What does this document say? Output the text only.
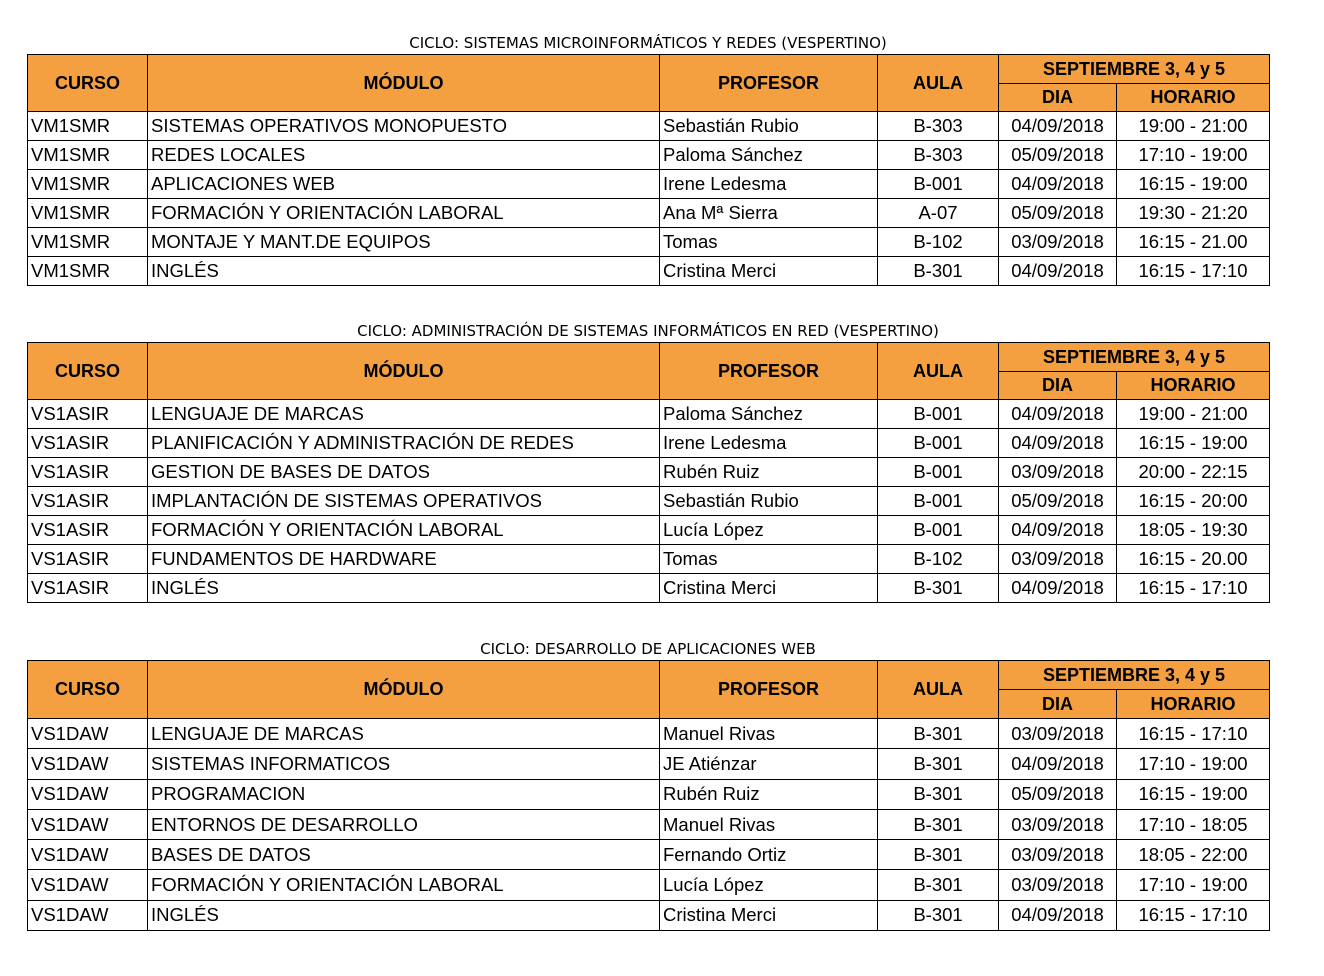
CICLO: SISTEMAS MICROINFORMÁTICOS Y REDES (VESPERTINO)
CURSO	MÓDULO	PROFESOR	AULA	SEPTIEMBRE 3, 4 y 5	
				DIA	HORARIO
VM1SMR	SISTEMAS OPERATIVOS MONOPUESTO	Sebastián Rubio	B-303	04/09/2018	19:00 - 21:00
VM1SMR	REDES LOCALES	Paloma Sánchez	B-303	05/09/2018	17:10 - 19:00
VM1SMR	APLICACIONES WEB	Irene Ledesma	B-001	04/09/2018	16:15 - 19:00
VM1SMR	FORMACIÓN Y ORIENTACIÓN LABORAL	Ana Mª Sierra	A-07	05/09/2018	19:30 - 21:20
VM1SMR	MONTAJE Y MANT.DE EQUIPOS	Tomas	B-102	03/09/2018	16:15 - 21.00
VM1SMR	INGLÉS	Cristina Merci	B-301	04/09/2018	16:15 - 17:10
CICLO: ADMINISTRACIÓN DE SISTEMAS INFORMÁTICOS EN RED (VESPERTINO)
CURSO	MÓDULO	PROFESOR	AULA	SEPTIEMBRE 3, 4 y 5	
				DIA	HORARIO
VS1ASIR	LENGUAJE DE MARCAS	Paloma Sánchez	B-001	04/09/2018	19:00 - 21:00
VS1ASIR	PLANIFICACIÓN Y ADMINISTRACIÓN DE REDES	Irene Ledesma	B-001	04/09/2018	16:15 - 19:00
VS1ASIR	GESTION DE BASES DE DATOS	Rubén Ruiz	B-001	03/09/2018	20:00 - 22:15
VS1ASIR	IMPLANTACIÓN DE SISTEMAS OPERATIVOS	Sebastián Rubio	B-001	05/09/2018	16:15 - 20:00
VS1ASIR	FORMACIÓN Y ORIENTACIÓN LABORAL	Lucía López	B-001	04/09/2018	18:05 - 19:30
VS1ASIR	FUNDAMENTOS DE HARDWARE	Tomas	B-102	03/09/2018	16:15 - 20.00
VS1ASIR	INGLÉS	Cristina Merci	B-301	04/09/2018	16:15 - 17:10
CICLO: DESARROLLO DE APLICACIONES WEB
CURSO	MÓDULO	PROFESOR	AULA	SEPTIEMBRE 3, 4 y 5	
				DIA	HORARIO
VS1DAW	LENGUAJE DE MARCAS	Manuel Rivas	B-301	03/09/2018	16:15 - 17:10
VS1DAW	SISTEMAS INFORMATICOS	JE Atiénzar	B-301	04/09/2018	17:10 - 19:00
VS1DAW	PROGRAMACION	Rubén Ruiz	B-301	05/09/2018	16:15 - 19:00
VS1DAW	ENTORNOS DE DESARROLLO	Manuel Rivas	B-301	03/09/2018	17:10 - 18:05
VS1DAW	BASES DE DATOS	Fernando Ortiz	B-301	03/09/2018	18:05 - 22:00
VS1DAW	FORMACIÓN Y ORIENTACIÓN LABORAL	Lucía López	B-301	03/09/2018	17:10 - 19:00
VS1DAW	INGLÉS	Cristina Merci	B-301	04/09/2018	16:15 - 17:10
